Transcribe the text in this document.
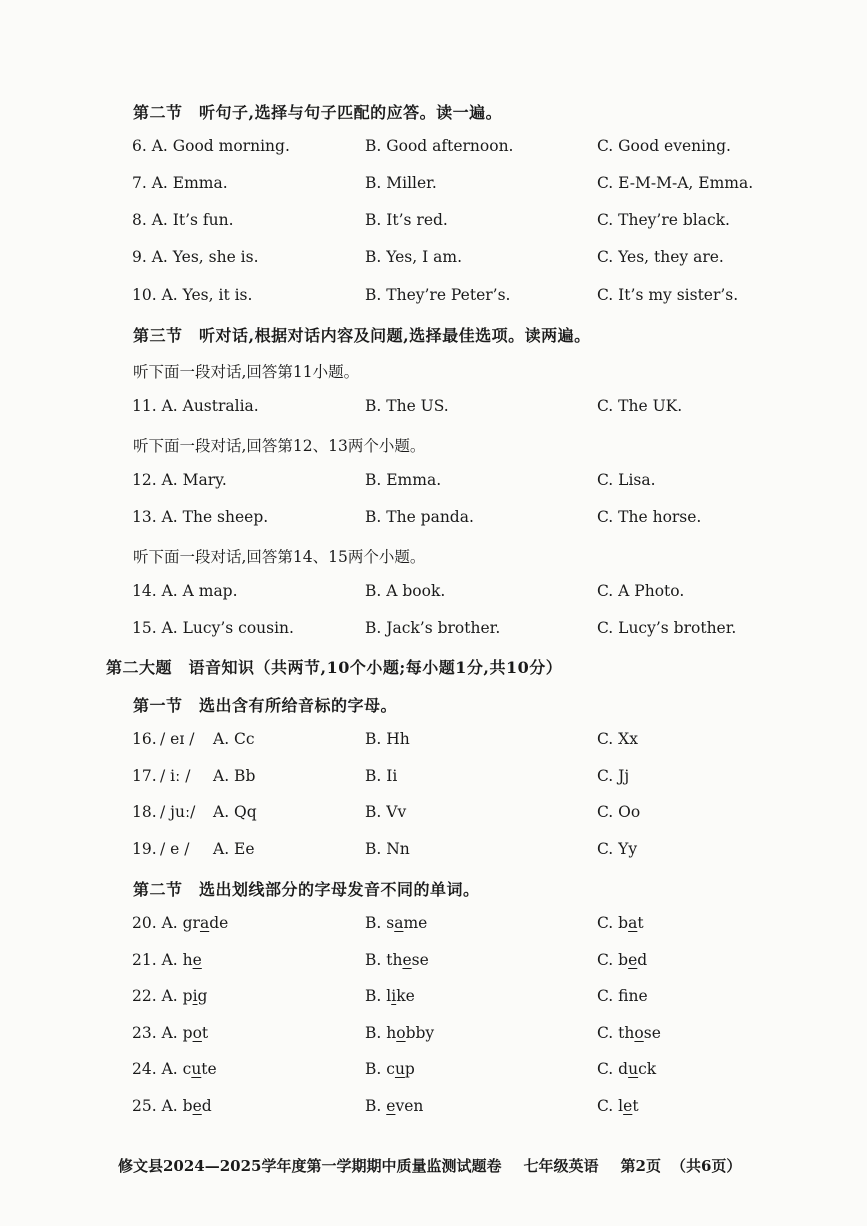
第二节　听句子,选择与句子匹配的应答。读一遍。
6. A. Good morning.	B. Good afternoon.	C. Good evening.
7. A. Emma.	B. Miller.	C. E-M-M-A, Emma.
8. A. It’s fun.	B. It’s red.	C. They’re black.
9. A. Yes, she is.	B. Yes, I am.	C. Yes, they are.
10. A. Yes, it is.	B. They’re Peter’s.	C. It’s my sister’s.
第三节　听对话,根据对话内容及问题,选择最佳选项。读两遍。
听下面一段对话,回答第11小题。
11. A. Australia.	B. The US.	C. The UK.
听下面一段对话,回答第12、13两个小题。
12. A. Mary.	B. Emma.	C. Lisa.
13. A. The sheep.	B. The panda.	C. The horse.
听下面一段对话,回答第14、15两个小题。
14. A. A map.	B. A book.	C. A Photo.
15. A. Lucy’s cousin.	B. Jack’s brother.	C. Lucy’s brother.
第二大题　语音知识（共两节,10个小题;每小题1分,共10分）
第一节　选出含有所给音标的字母。
16. / eɪ / A. Cc	B. Hh	C. Xx
17. / iː / A. Bb	B. Ii	C. Jj
18. / juː/ A. Qq	B. Vv	C. Oo
19. / e / A. Ee	B. Nn	C. Yy
第二节　选出划线部分的字母发音不同的单词。
20. A. grade	B. same	C. bat
21. A. he	B. these	C. bed
22. A. pig	B. like	C. fne
23. A. pot	B. hobby	C. those
24. A. cute	B. cup	C. duck
25. A. bed	B. even	C. let
修文县2024—2025学年度第一学期期中质量监测试题卷 七年级英语 第2页 （共6页）
